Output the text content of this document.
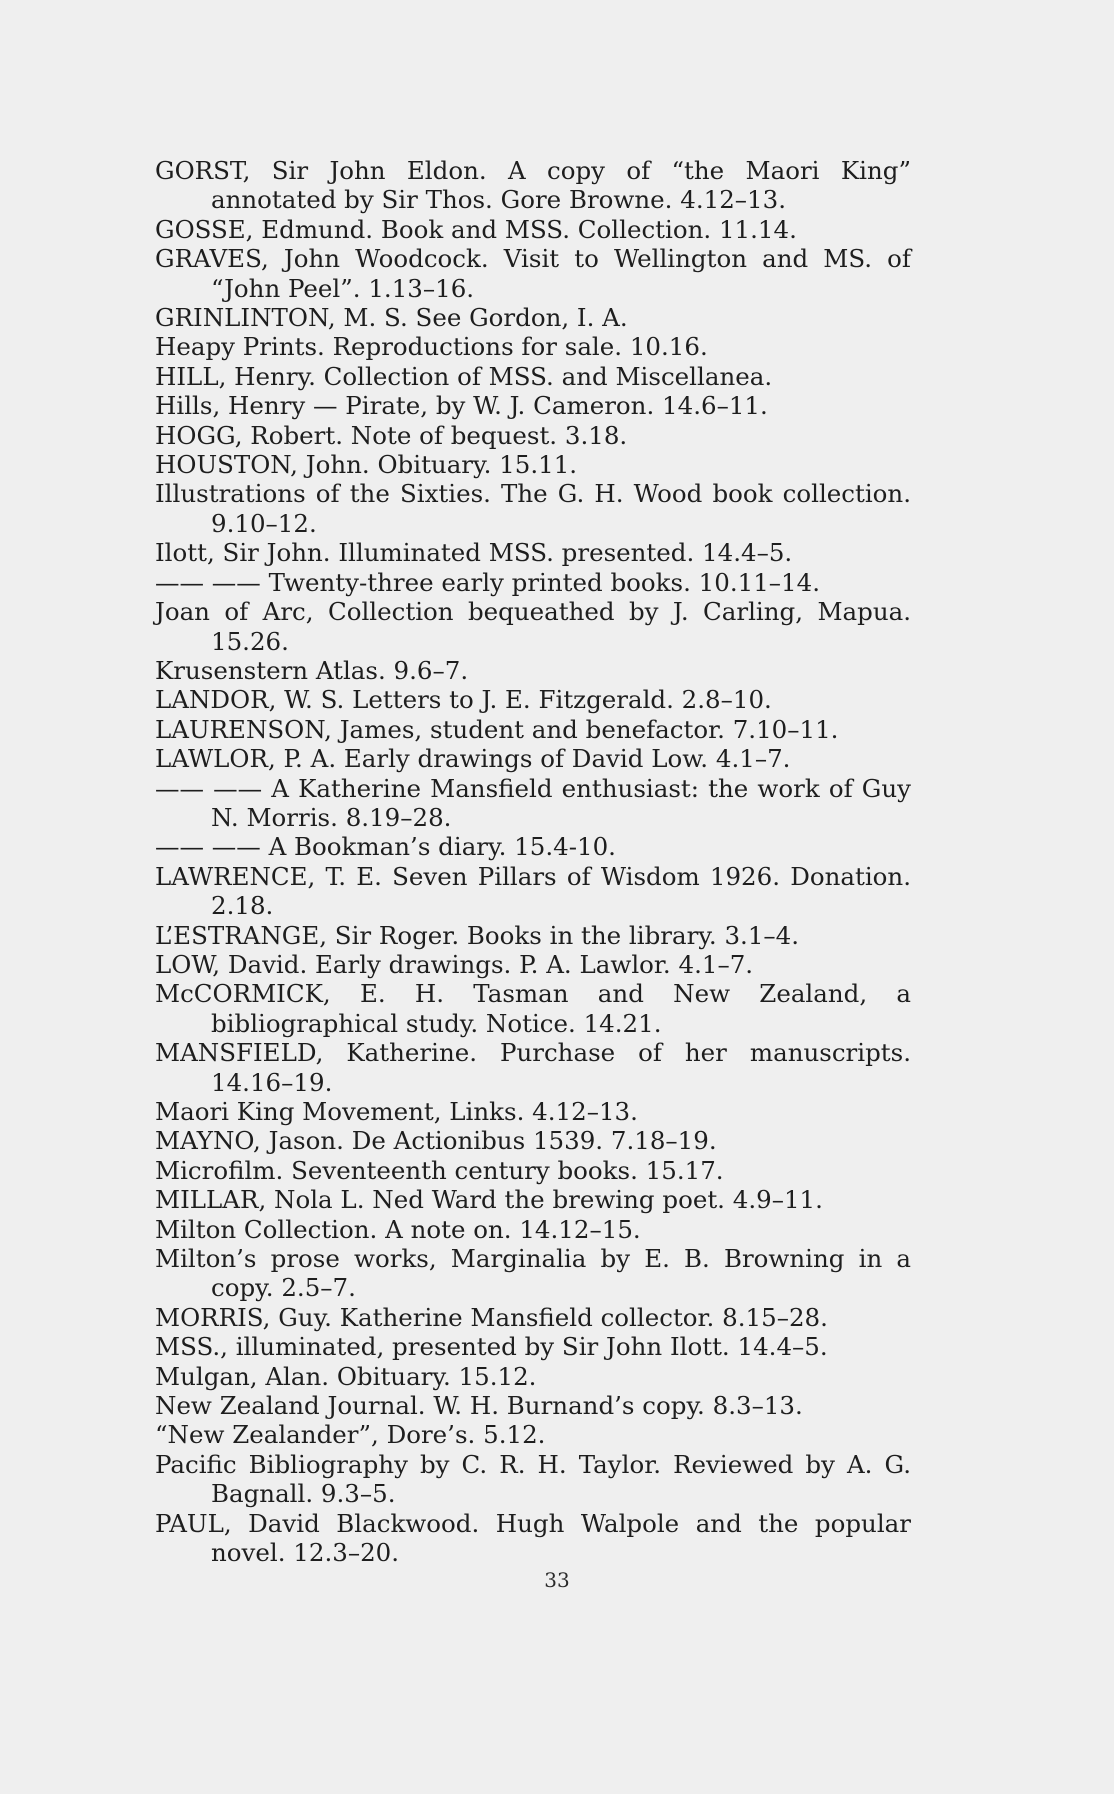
GORST, Sir John Eldon. A copy of “the Maori King” annotated by Sir Thos. Gore Browne. 4.12–13.

GOSSE, Edmund. Book and MSS. Collection. 11.14.

GRAVES, John Woodcock. Visit to Wellington and MS. of “John Peel”. 1.13–16.

GRINLINTON, M. S. See Gordon, I. A.

Heapy Prints. Reproductions for sale. 10.16.

HILL, Henry. Collection of MSS. and Miscellanea.

Hills, Henry — Pirate, by W. J. Cameron. 14.6–11.

HOGG, Robert. Note of bequest. 3.18.

HOUSTON, John. Obituary. 15.11.

Illustrations of the Sixties. The G. H. Wood book collection. 9.10–12.

Ilott, Sir John. Illuminated MSS. presented. 14.4–5.

—— —— Twenty-three early printed books. 10.11–14.

Joan of Arc, Collection bequeathed by J. Carling, Mapua. 15.26.

Krusenstern Atlas. 9.6–7.

LANDOR, W. S. Letters to J. E. Fitzgerald. 2.8–10.

LAURENSON, James, student and benefactor. 7.10–11.

LAWLOR, P. A. Early drawings of David Low. 4.1–7.

—— —— A Katherine Mansfield enthusiast: the work of Guy N. Morris. 8.19–28.

—— —— A Bookman’s diary. 15.4-10.

LAWRENCE, T. E. Seven Pillars of Wisdom 1926. Donation. 2.18.

L’ESTRANGE, Sir Roger. Books in the library. 3.1–4.

LOW, David. Early drawings. P. A. Lawlor. 4.1–7.

McCORMICK, E. H. Tasman and New Zealand, a bibliographical study. Notice. 14.21.

MANSFIELD, Katherine. Purchase of her manuscripts. 14.16–19.

Maori King Movement, Links. 4.12–13.

MAYNO, Jason. De Actionibus 1539. 7.18–19.

Microfilm. Seventeenth century books. 15.17.

MILLAR, Nola L. Ned Ward the brewing poet. 4.9–11.

Milton Collection. A note on. 14.12–15.

Milton’s prose works, Marginalia by E. B. Browning in a copy. 2.5–7.

MORRIS, Guy. Katherine Mansfield collector. 8.15–28.

MSS., illuminated, presented by Sir John Ilott. 14.4–5.

Mulgan, Alan. Obituary. 15.12.

New Zealand Journal. W. H. Burnand’s copy. 8.3–13.

“New Zealander”, Dore’s. 5.12.

Pacific Bibliography by C. R. H. Taylor. Reviewed by A. G. Bagnall. 9.3–5.

PAUL, David Blackwood. Hugh Walpole and the popular novel. 12.3–20.

33
